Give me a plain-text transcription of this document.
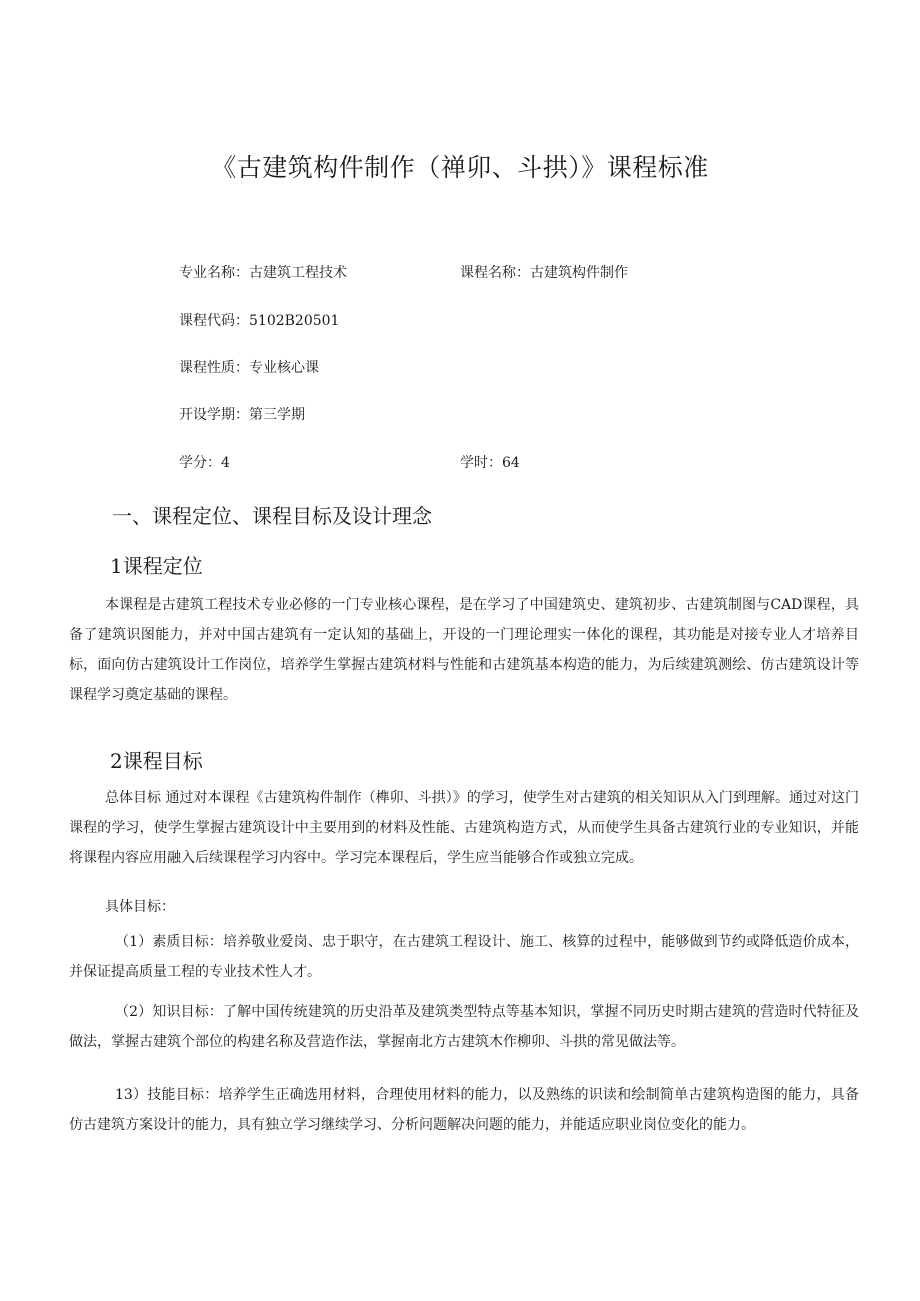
《古建筑构件制作（禅卯、斗拱）》课程标准
专业名称：古建筑工程技术	课程名称：古建筑构件制作
课程代码：5102B20501
课程性质：专业核心课
开设学期：第三学期
学分：4	学时：64
一、课程定位、课程目标及设计理念
1课程定位

本课程是古建筑工程技术专业必修的一门专业核心课程，是在学习了中国建筑史、建筑初步、古建筑制图与CAD课程，具备了建筑识图能力，并对中国古建筑有一定认知的基础上，开设的一门理论理实一体化的课程，其功能是对接专业人才培养目标，面向仿古建筑设计工作岗位，培养学生掌握古建筑材料与性能和古建筑基本构造的能力，为后续建筑测绘、仿古建筑设计等课程学习奠定基础的课程。

2课程目标

总体目标 通过对本课程《古建筑构件制作（榫卯、斗拱）》的学习，使学生对古建筑的相关知识从入门到理解。通过对这门课程的学习，使学生掌握古建筑设计中主要用到的材料及性能、古建筑构造方式，从而使学生具备古建筑行业的专业知识，并能将课程内容应用融入后续课程学习内容中。学习完本课程后，学生应当能够合作或独立完成。

具体目标：

（1）素质目标：培养敬业爱岗、忠于职守，在古建筑工程设计、施工、核算的过程中，能够做到节约或降低造价成本，并保证提高质量工程的专业技术性人才。

（2）知识目标：了解中国传统建筑的历史沿革及建筑类型特点等基本知识，掌握不同历史时期古建筑的营造时代特征及做法，掌握古建筑个部位的构建名称及营造作法，掌握南北方古建筑木作柳卯、斗拱的常见做法等。

13）技能目标：培养学生正确选用材料，合理使用材料的能力，以及熟练的识读和绘制简单古建筑构造图的能力，具备仿古建筑方案设计的能力，具有独立学习继续学习、分析问题解决问题的能力，并能适应职业岗位变化的能力。
